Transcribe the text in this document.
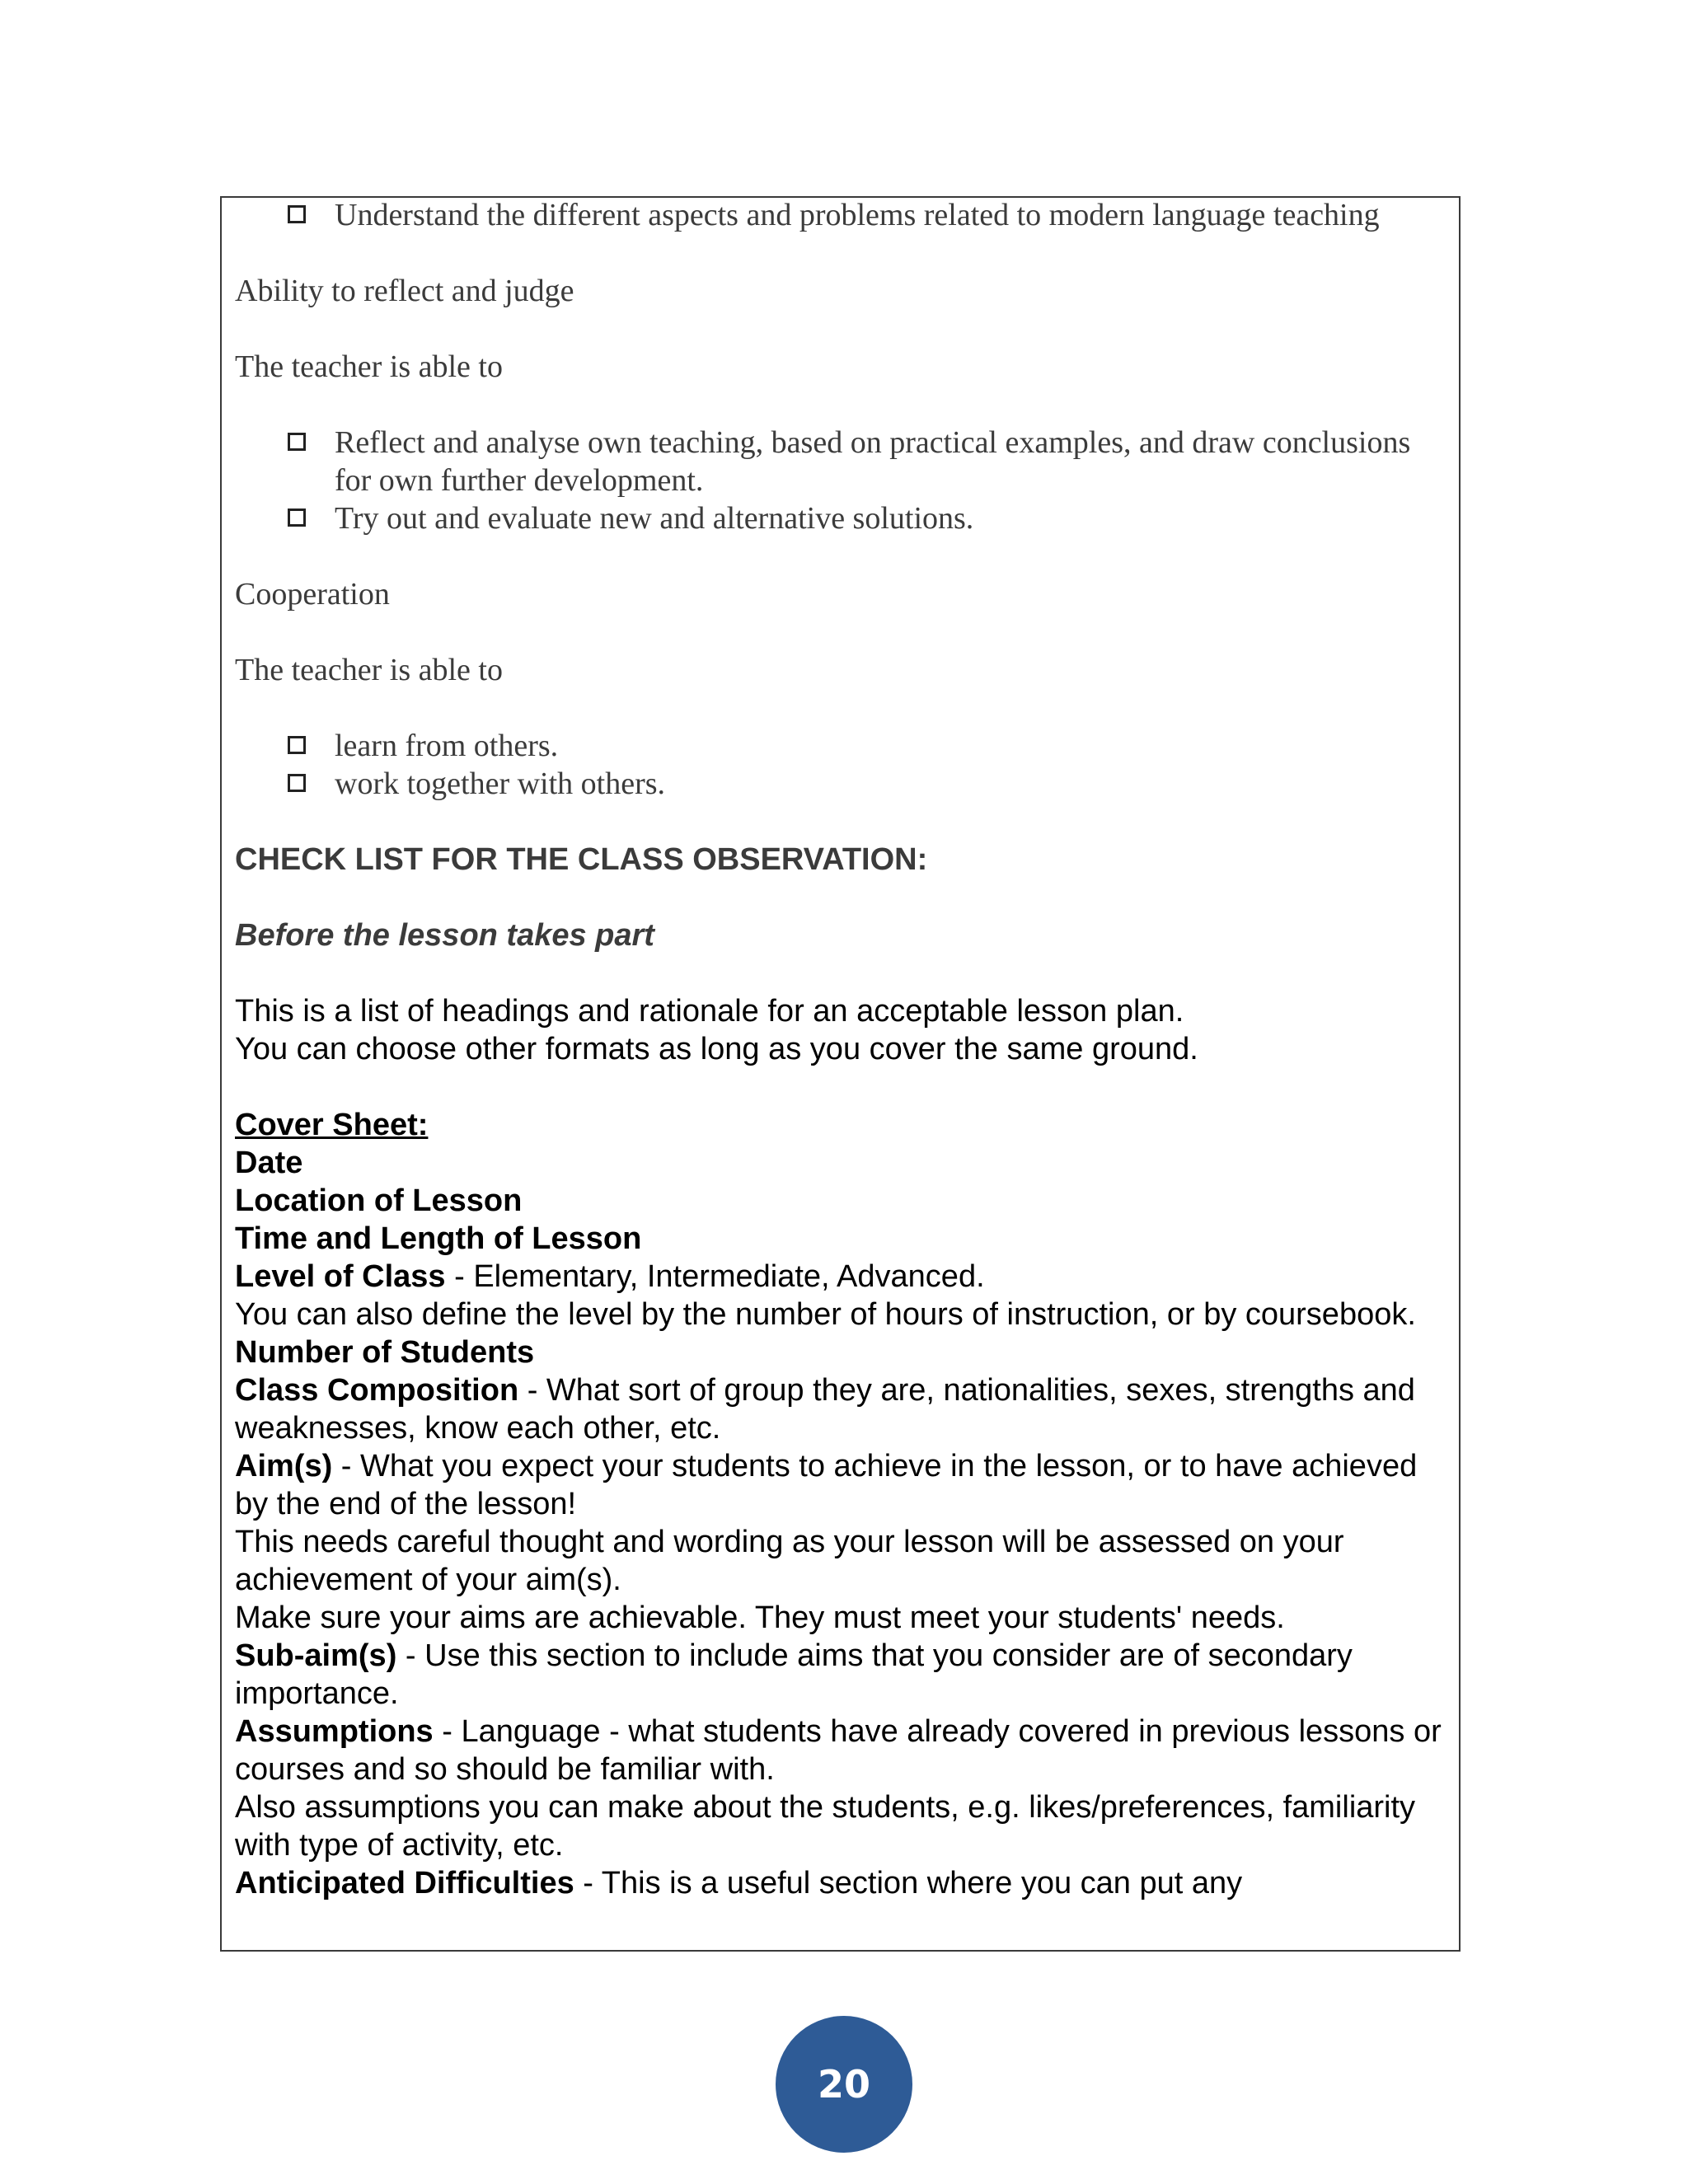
Understand the different aspects and problems related to modern language teaching
Ability to reflect and judge
The teacher is able to
Reflect and analyse own teaching, based on practical examples, and draw conclusions for own further development.
Try out and evaluate new and alternative solutions.
Cooperation
The teacher is able to
learn from others.
work together with others.
CHECK LIST FOR THE CLASS OBSERVATION:
Before the lesson takes part
This is a list of headings and rationale for an acceptable lesson plan.
You can choose other formats as long as you cover the same ground.
Cover Sheet:
Date
Location of Lesson
Time and Length of Lesson
Level of Class - Elementary, Intermediate, Advanced.
You can also define the level by the number of hours of instruction, or by coursebook.
Number of Students
Class Composition - What sort of group they are, nationalities, sexes, strengths and weaknesses, know each other, etc.
Aim(s) - What you expect your students to achieve in the lesson, or to have achieved by the end of the lesson!
This needs careful thought and wording as your lesson will be assessed on your achievement of your aim(s).
Make sure your aims are achievable. They must meet your students' needs.
Sub-aim(s) - Use this section to include aims that you consider are of secondary importance.
Assumptions - Language - what students have already covered in previous lessons or courses and so should be familiar with.
Also assumptions you can make about the students, e.g. likes/preferences, familiarity with type of activity, etc.
Anticipated Difficulties - This is a useful section where you can put any
20
